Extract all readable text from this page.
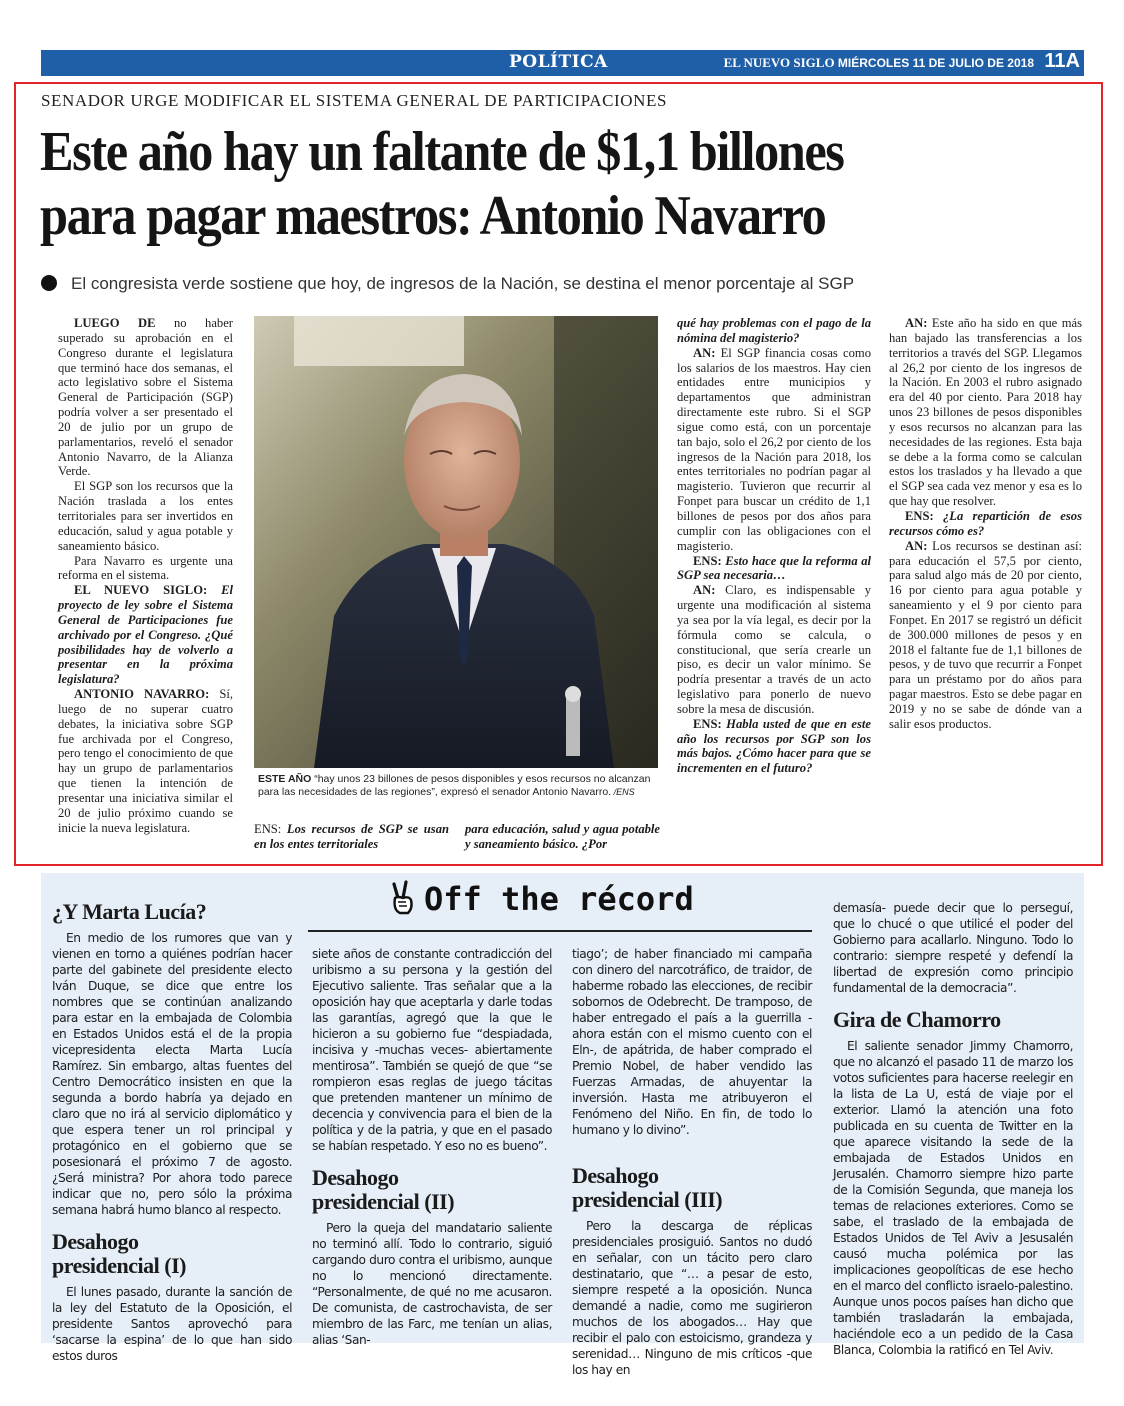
POLÍTICA	EL NUEVO SIGLO MIÉRCOLES 11 DE JULIO DE 2018 11A
SENADOR URGE MODIFICAR EL SISTEMA GENERAL DE PARTICIPACIONES
Este año hay un faltante de $1,1 billones
para pagar maestros: Antonio Navarro
El congresista verde sostiene que hoy, de ingresos de la Nación, se destina el menor porcentaje al SGP

LUEGO DE no haber superado su aprobación en el Congreso durante el legislatura que terminó hace dos semanas, el acto legislativo sobre el Sistema General de Participación (SGP) podría volver a ser presentado el 20 de julio por un grupo de parlamentarios, reveló el senador Antonio Navarro, de la Alianza Verde.

El SGP son los recursos que la Nación traslada a los entes territoriales para ser invertidos en educación, salud y agua potable y saneamiento básico.

Para Navarro es urgente una reforma en el sistema.

EL NUEVO SIGLO: El proyecto de ley sobre el Sistema General de Participaciones fue archivado por el Congreso. ¿Qué posibilidades hay de volverlo a presentar en la próxima legislatura?

ANTONIO NAVARRO: Sí, luego de no superar cuatro debates, la iniciativa sobre SGP fue archivada por el Congreso, pero tengo el conocimiento de que hay un grupo de parlamentarios que tienen la intención de presentar una iniciativa similar el 20 de julio próximo cuando se inicie la nueva legislatura.

ESTE AÑO “hay unos 23 billones de pesos disponibles y esos recursos no alcanzan para las necesidades de las regiones”, expresó el senador Antonio Navarro. /ENS
ENS: Los recursos de SGP se usan en los entes territoriales
para educación, salud y agua potable y saneamiento básico. ¿Por

qué hay problemas con el pago de la nómina del magisterio?

AN: El SGP financia cosas como los salarios de los maestros. Hay cien entidades entre municipios y departamentos que administran directamente este rubro. Si el SGP sigue como está, con un porcentaje tan bajo, solo el 26,2 por ciento de los ingresos de la Nación para 2018, los entes territoriales no podrían pagar al magisterio. Tuvieron que recurrir al Fonpet para buscar un crédito de 1,1 billones de pesos por dos años para cumplir con las obligaciones con el magisterio.

ENS: Esto hace que la reforma al SGP sea necesaria…

AN: Claro, es indispensable y urgente una modificación al sistema ya sea por la vía legal, es decir por la fórmula como se calcula, o constitucional, que sería crearle un piso, es decir un valor mínimo. Se podría presentar a través de un acto legislativo para ponerlo de nuevo sobre la mesa de discusión.

ENS: Habla usted de que en este año los recursos por SGP son los más bajos. ¿Cómo hacer para que se incrementen en el futuro?

AN: Este año ha sido en que más han bajado las transferencias a los territorios a través del SGP. Llegamos al 26,2 por ciento de los ingresos de la Nación. En 2003 el rubro asignado era del 40 por ciento. Para 2018 hay unos 23 billones de pesos disponibles y esos recursos no alcanzan para las necesidades de las regiones. Esta baja se debe a la forma como se calculan estos los traslados y ha llevado a que el SGP sea cada vez menor y esa es lo que hay que resolver.

ENS: ¿La repartición de esos recursos cómo es?

AN: Los recursos se destinan así: para educación el 57,5 por ciento, para salud algo más de 20 por ciento, 16 por ciento para agua potable y saneamiento y el 9 por ciento para Fonpet. En 2017 se registró un déficit de 300.000 millones de pesos y en 2018 el faltante fue de 1,1 billones de pesos, y de tuvo que recurrir a Fonpet para un préstamo por do años para pagar maestros. Esto se debe pagar en 2019 y no se sabe de dónde van a salir esos productos.

Off the récord
¿Y Marta Lucía?

En medio de los rumores que van y vienen en torno a quiénes podrían hacer parte del gabinete del presidente electo Iván Duque, se dice que entre los nombres que se continúan analizando para estar en la embajada de Colombia en Estados Unidos está el de la propia vicepresidenta electa Marta Lucía Ramírez. Sin embargo, altas fuentes del Centro Democrático insisten en que la segunda a bordo habría ya dejado en claro que no irá al servicio diplomático y que espera tener un rol principal y protagónico en el gobierno que se posesionará el próximo 7 de agosto. ¿Será ministra? Por ahora todo parece indicar que no, pero sólo la próxima semana habrá humo blanco al respecto.

Desahogo presidencial (I)

El lunes pasado, durante la sanción de la ley del Estatuto de la Oposición, el presidente Santos aprovechó para ‘sacarse la espina’ de lo que han sido estos duros

siete años de constante contradicción del uribismo a su persona y la gestión del Ejecutivo saliente. Tras señalar que a la oposición hay que aceptarla y darle todas las garantías, agregó que la que le hicieron a su gobierno fue “despiadada, incisiva y -muchas veces- abiertamente mentirosa”. También se quejó de que “se rompieron esas reglas de juego tácitas que pretenden mantener un mínimo de decencia y convivencia para el bien de la política y de la patria, y que en el pasado se habían respetado. Y eso no es bueno”.

Desahogo presidencial (II)

Pero la queja del mandatario saliente no terminó allí. Todo lo contrario, siguió cargando duro contra el uribismo, aunque no lo mencionó directamente. “Personalmente, de qué no me acusaron. De comunista, de castrochavista, de ser miembro de las Farc, me tenían un alias, alias ‘San-

tiago’; de haber financiado mi campaña con dinero del narcotráfico, de traidor, de haberme robado las elecciones, de recibir sobornos de Odebrecht. De tramposo, de haber entregado el país a la guerrilla -ahora están con el mismo cuento con el Eln-, de apátrida, de haber comprado el Premio Nobel, de haber vendido las Fuerzas Armadas, de ahuyentar la inversión. Hasta me atribuyeron el Fenómeno del Niño. En fin, de todo lo humano y lo divino”.

Desahogo presidencial (III)

Pero la descarga de réplicas presidenciales prosiguió. Santos no dudó en señalar, con un tácito pero claro destinatario, que “… a pesar de esto, siempre respeté a la oposición. Nunca demandé a nadie, como me sugirieron muchos de los abogados… Hay que recibir el palo con estoicismo, grandeza y serenidad… Ninguno de mis críticos -que los hay en

demasía- puede decir que lo perseguí, que lo chucé o que utilicé el poder del Gobierno para acallarlo. Ninguno. Todo lo contrario: siempre respeté y defendí la libertad de expresión como principio fundamental de la democracia”.

Gira de Chamorro

El saliente senador Jimmy Chamorro, que no alcanzó el pasado 11 de marzo los votos suficientes para hacerse reelegir en la lista de La U, está de viaje por el exterior. Llamó la atención una foto publicada en su cuenta de Twitter en la que aparece visitando la sede de la embajada de Estados Unidos en Jerusalén. Chamorro siempre hizo parte de la Comisión Segunda, que maneja los temas de relaciones exteriores. Como se sabe, el traslado de la embajada de Estados Unidos de Tel Aviv a Jesusalén causó mucha polémica por las implicaciones geopolíticas de ese hecho en el marco del conflicto israelo-palestino. Aunque unos pocos países han dicho que también trasladarán la embajada, haciéndole eco a un pedido de la Casa Blanca, Colombia la ratificó en Tel Aviv.
